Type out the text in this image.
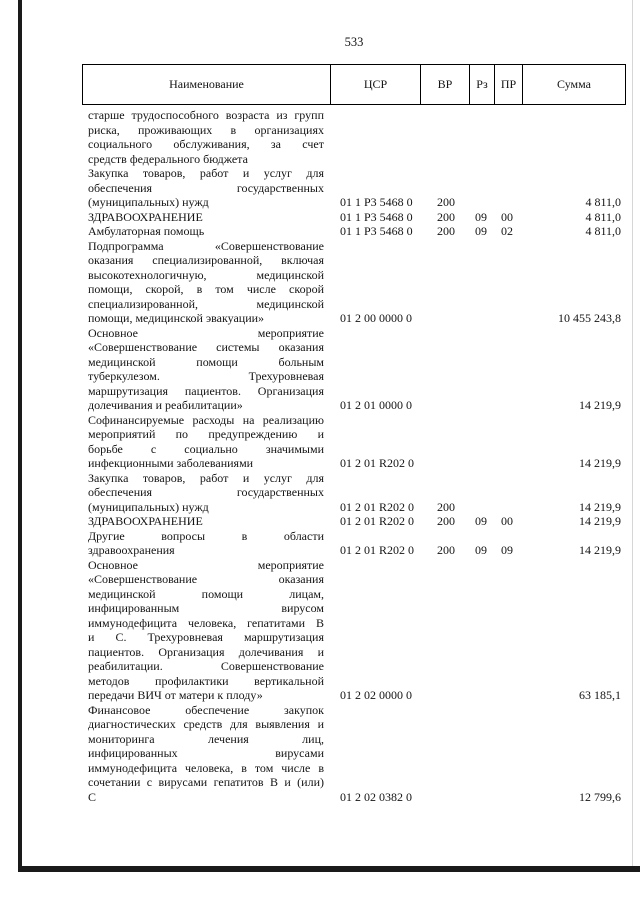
533
Наименование	ЦСР	ВР	Рз	ПР	Сумма
старше трудоспособного возраста из групп
риска, проживающих в организациях
социального обслуживания, за счет
средств федерального бюджета
Закупка товаров, работ и услуг для
обеспечения государственных
(муниципальных) нужд	01 1 Р3 5468 0 200	4 811,0
ЗДРАВООХРАНЕНИЕ	01 1 Р3 5468 0 200 09 00	4 811,0
Амбулаторная помощь	01 1 Р3 5468 0 200 09 02	4 811,0
Подпрограмма «Совершенствование
оказания специализированной, включая
высокотехнологичную, медицинской
помощи, скорой, в том числе скорой
специализированной, медицинской
помощи, медицинской эвакуации»	01 2 00 0000 0	10 455 243,8
Основное мероприятие
«Совершенствование системы оказания
медицинской помощи больным
туберкулезом. Трехуровневая
маршрутизация пациентов. Организация
долечивания и реабилитации»	01 2 01 0000 0	14 219,9
Софинансируемые расходы на реализацию
мероприятий по предупреждению и
борьбе с социально значимыми
инфекционными заболеваниями	01 2 01 R202 0	14 219,9
Закупка товаров, работ и услуг для
обеспечения государственных
(муниципальных) нужд	01 2 01 R202 0 200	14 219,9
ЗДРАВООХРАНЕНИЕ	01 2 01 R202 0 200 09 00	14 219,9
Другие вопросы в области
здравоохранения	01 2 01 R202 0 200 09 09	14 219,9
Основное мероприятие
«Совершенствование оказания
медицинской помощи лицам,
инфицированным вирусом
иммунодефицита человека, гепатитами В
и С. Трехуровневая маршрутизация
пациентов. Организация долечивания и
реабилитации. Совершенствование
методов профилактики вертикальной
передачи ВИЧ от матери к плоду»	01 2 02 0000 0	63 185,1
Финансовое обеспечение закупок
диагностических средств для выявления и
мониторинга лечения лиц,
инфицированных вирусами
иммунодефицита человека, в том числе в
сочетании с вирусами гепатитов В и (или)
С	01 2 02 0382 0	12 799,6
